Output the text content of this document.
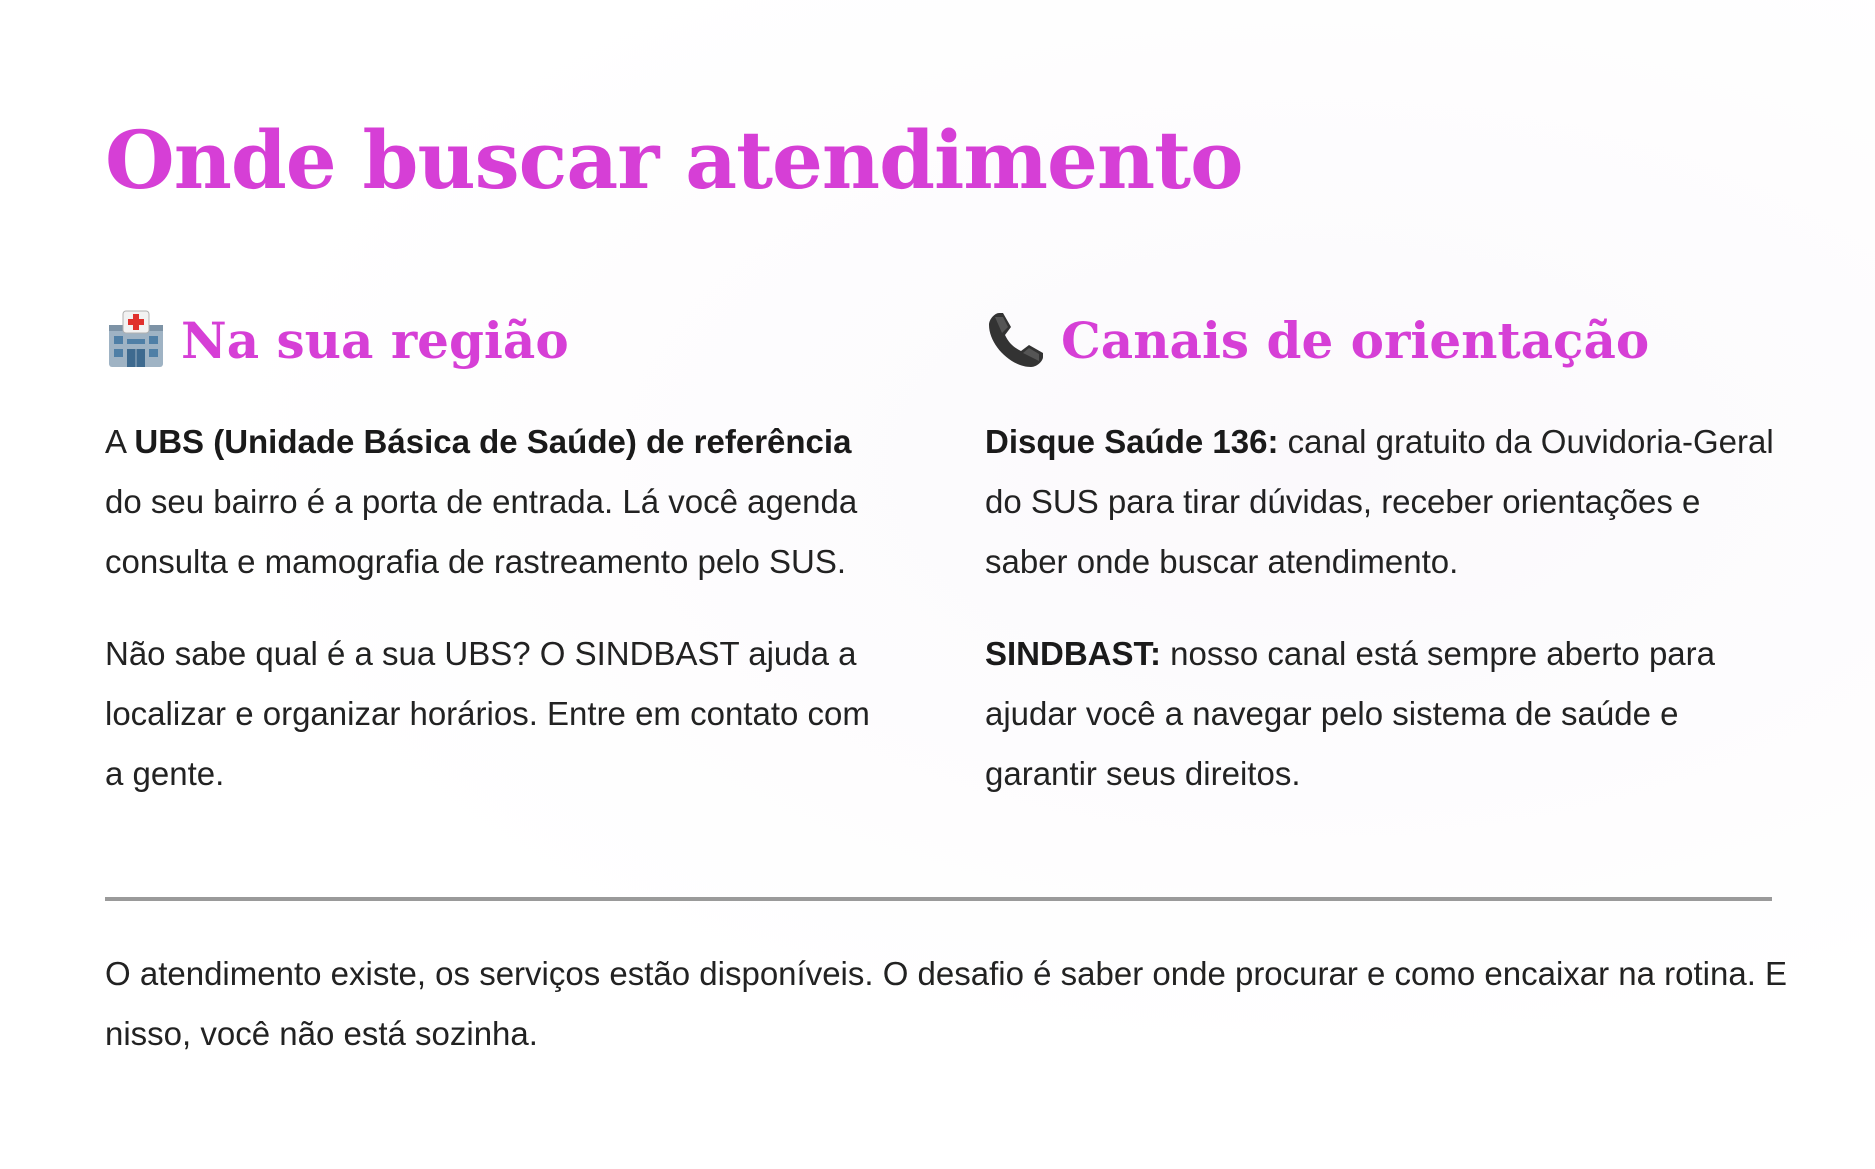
Onde buscar atendimento
Na sua região

A UBS (Unidade Básica de Saúde) de referência do seu bairro é a porta de entrada. Lá você agenda consulta e mamografia de rastreamento pelo SUS.

Não sabe qual é a sua UBS? O SINDBAST ajuda a localizar e organizar horários. Entre em contato com a gente.

Canais de orientação

Disque Saúde 136: canal gratuito da Ouvidoria-Geral do SUS para tirar dúvidas, receber orientações e saber onde buscar atendimento.

SINDBAST: nosso canal está sempre aberto para ajudar você a navegar pelo sistema de saúde e garantir seus direitos.

O atendimento existe, os serviços estão disponíveis. O desafio é saber onde procurar e como encaixar na rotina. E nisso, você não está sozinha.
